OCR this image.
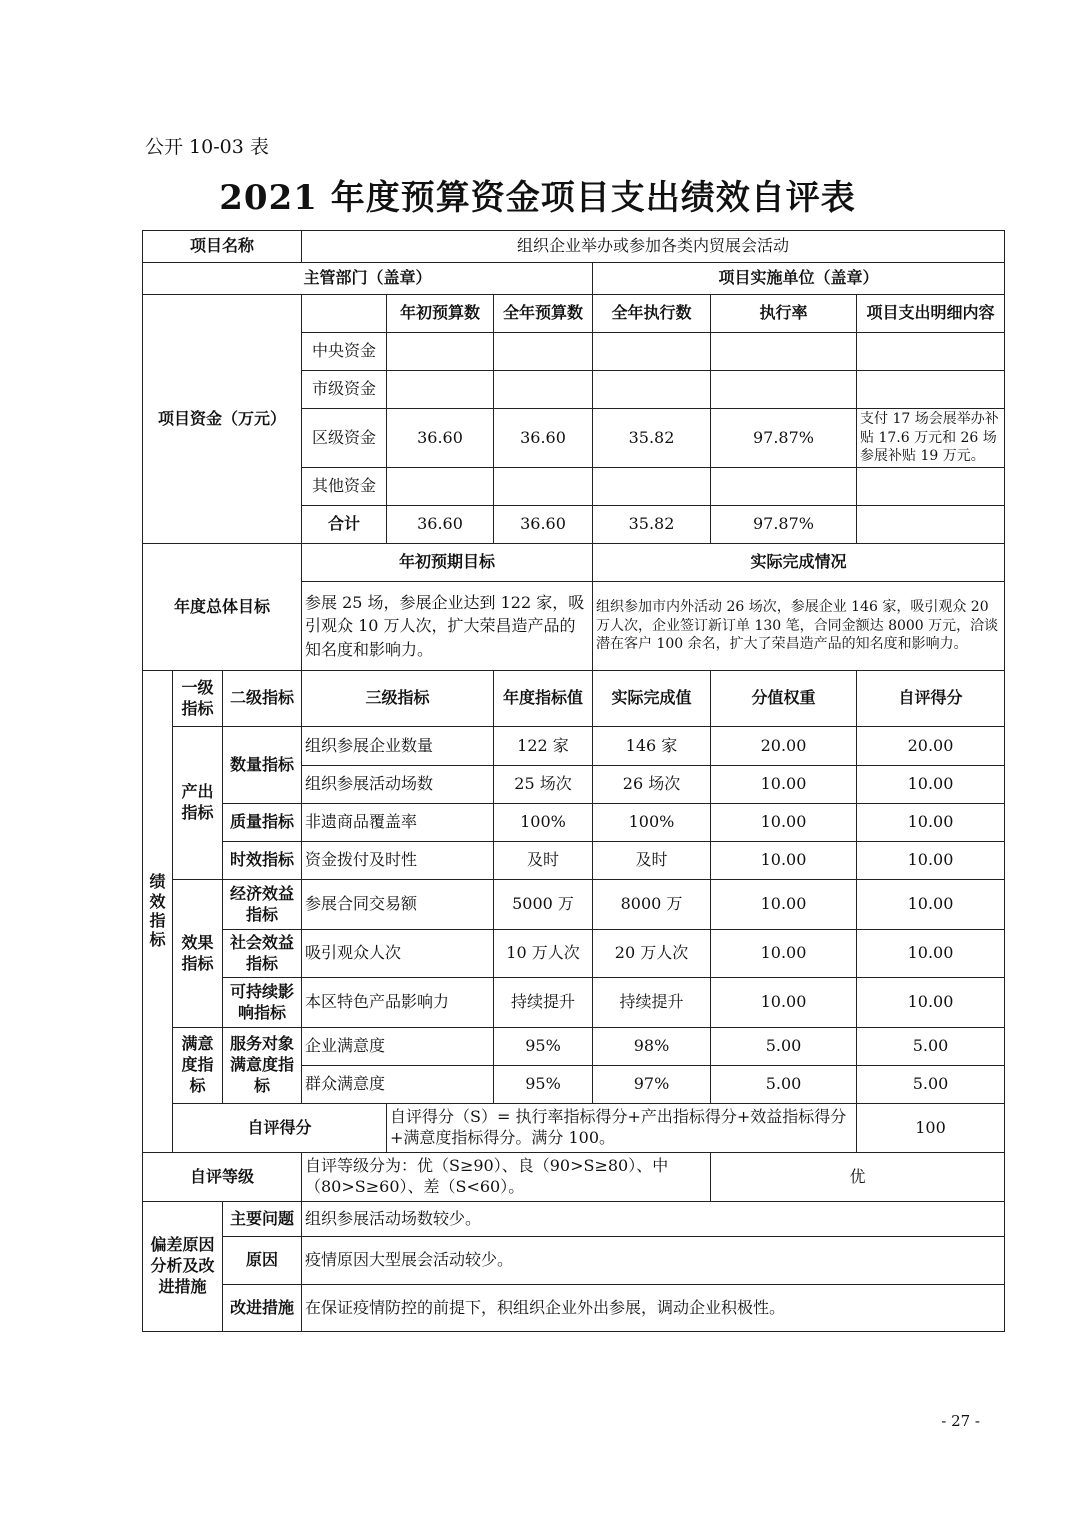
公开 10-03 表
2021 年度预算资金项目支出绩效自评表
项目名称			组织企业举办或参加各类内贸展会活动						
主管部门（盖章）						项目实施单位（盖章）			
项目资金（万元）				年初预算数	全年预算数	全年执行数	执行率	项目支出明细内容	
			中央资金						
			市级资金						
			区级资金	36.60	36.60	35.82	97.87%	支付 17 场会展举办补贴 17.6 万元和 26 场参展补贴 19 万元。	
			其他资金						
			合计	36.60	36.60	35.82	97.87%		
年度总体目标			年初预期目标			实际完成情况			
			参展 25 场，参展企业达到 122 家，吸引观众 10 万人次，扩大荣昌造产品的知名度和影响力。			组织参加市内外活动 26 场次，参展企业 146 家，吸引观众 20 万人次，企业签订新订单 130 笔，合同金额达 8000 万元，洽谈潜在客户 100 余名，扩大了荣昌造产品的知名度和影响力。			
绩效指标	一级指标	二级指标	三级指标		年度指标值	实际完成值	分值权重	自评得分	
	产出指标	数量指标	组织参展企业数量		122 家	146 家	20.00	20.00	
			组织参展活动场数		25 场次	26 场次	10.00	10.00	
		质量指标	非遗商品覆盖率		100%	100%	10.00	10.00	
		时效指标	资金拨付及时性		及时	及时	10.00	10.00	
	效果指标	经济效益指标	参展合同交易额		5000 万	8000 万	10.00	10.00	
		社会效益指标	吸引观众人次		10 万人次	20 万人次	10.00	10.00	
		可持续影响指标	本区特色产品影响力		持续提升	持续提升	10.00	10.00	
	满意度指标	服务对象满意度指标	企业满意度		95%	98%	5.00	5.00	
			群众满意度		95%	97%	5.00	5.00	
	自评得分			自评得分（S）= 执行率指标得分+产出指标得分+效益指标得分+满意度指标得分。满分 100。				100	
自评等级			自评等级分为：优（S≥90）、良（90>S≥80）、中（80>S≥60）、差（S<60）。				优		
偏差原因分析及改进措施		主要问题	组织参展活动场数较少。						
		原因	疫情原因大型展会活动较少。						
		改进措施	在保证疫情防控的前提下，积组织企业外出参展，调动企业积极性。						
- 27 -
